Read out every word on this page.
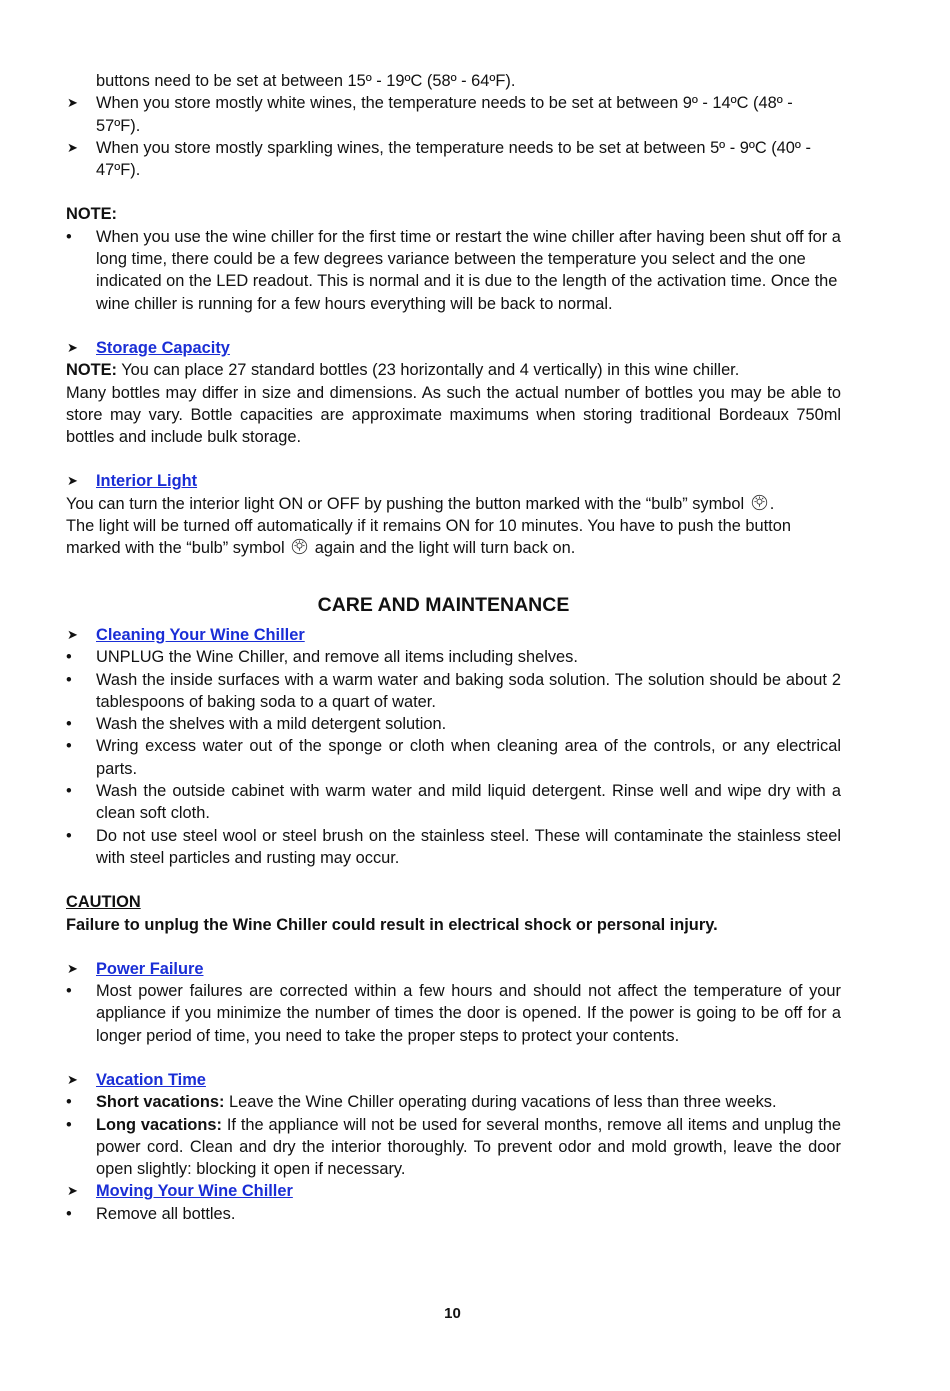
buttons need to be set at between 15º - 19ºC (58º - 64ºF).

➤ When you store mostly white wines, the temperature needs to be set at between 9º - 14ºC (48º - 57ºF).
➤ When you store mostly sparkling wines, the temperature needs to be set at between 5º - 9ºC (40º - 47ºF).

NOTE:

• When you use the wine chiller for the first time or restart the wine chiller after having been shut off for a long time, there could be a few degrees variance between the temperature you select and the one indicated on the LED readout. This is normal and it is due to the length of the activation time. Once the wine chiller is running for a few hours everything will be back to normal.
➤ Storage Capacity

NOTE: You can place 27 standard bottles (23 horizontally and 4 vertically) in this wine chiller.

Many bottles may differ in size and dimensions. As such the actual number of bottles you may be able to store may vary. Bottle capacities are approximate maximums when storing traditional Bordeaux 750ml bottles and include bulk storage.

➤ Interior Light

You can turn the interior light ON or OFF by pushing the button marked with the “bulb” symbol .

The light will be turned off automatically if it remains ON for 10 minutes. You have to push the button marked with the “bulb” symbol  again and the light will turn back on.

CARE AND MAINTENANCE
➤ Cleaning Your Wine Chiller
• UNPLUG the Wine Chiller, and remove all items including shelves.
• Wash the inside surfaces with a warm water and baking soda solution. The solution should be about 2 tablespoons of baking soda to a quart of water.
• Wash the shelves with a mild detergent solution.
• Wring excess water out of the sponge or cloth when cleaning area of the controls, or any electrical parts.
• Wash the outside cabinet with warm water and mild liquid detergent. Rinse well and wipe dry with a clean soft cloth.
• Do not use steel wool or steel brush on the stainless steel. These will contaminate the stainless steel with steel particles and rusting may occur.

CAUTION

Failure to unplug the Wine Chiller could result in electrical shock or personal injury.

➤ Power Failure
• Most power failures are corrected within a few hours and should not affect the temperature of your appliance if you minimize the number of times the door is opened. If the power is going to be off for a longer period of time, you need to take the proper steps to protect your contents.
➤ Vacation Time
• Short vacations: Leave the Wine Chiller operating during vacations of less than three weeks.
• Long vacations: If the appliance will not be used for several months, remove all items and unplug the power cord. Clean and dry the interior thoroughly. To prevent odor and mold growth, leave the door open slightly: blocking it open if necessary.
➤ Moving Your Wine Chiller
• Remove all bottles.
10
